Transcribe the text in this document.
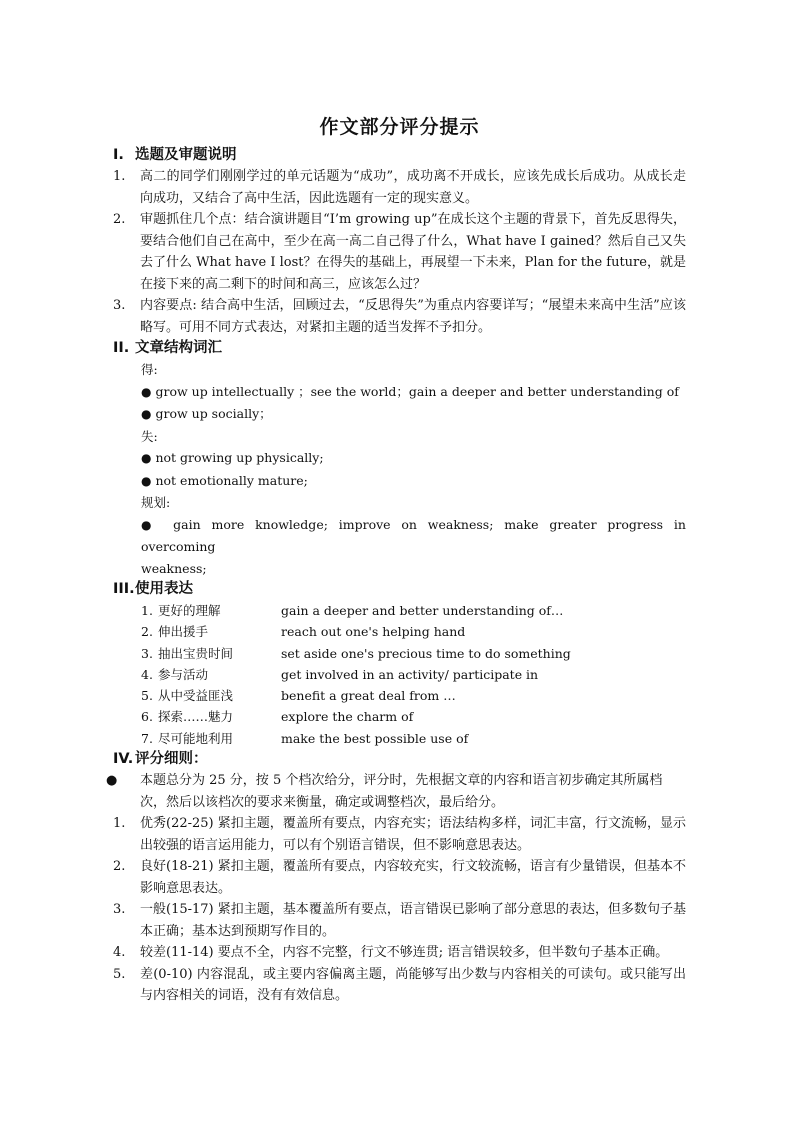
作文部分评分提示

I. 选题及审题说明

1. 高二的同学们刚刚学过的单元话题为“成功”，成功离不开成长，应该先成长后成功。从成长走向成功，又结合了高中生活，因此选题有一定的现实意义。

2. 审题抓住几个点：结合演讲题目“I’m growing up”在成长这个主题的背景下，首先反思得失，要结合他们自己在高中，至少在高一高二自己得了什么，What have I gained？然后自己又失去了什么 What have I lost？在得失的基础上，再展望一下未来，Plan for the future，就是在接下来的高二剩下的时间和高三，应该怎么过？

3. 内容要点: 结合高中生活，回顾过去，“反思得失”为重点内容要详写；“展望未来高中生活”应该略写。可用不同方式表达，对紧扣主题的适当发挥不予扣分。

II. 文章结构词汇

得:

● grow up intellectually ；see the world；gain a deeper and better understanding of

● grow up socially；

失:

● not growing up physically;

● not emotionally mature;

规划:

● gain more knowledge; improve on weakness; make greater progress in overcoming

weakness;

III.使用表达

1. 更好的理解	gain a deeper and better understanding of…
2. 伸出援手	reach out one's helping hand
3. 抽出宝贵时间	set aside one's precious time to do something
4. 参与活动	get involved in an activity/ participate in
5. 从中受益匪浅	benefit a great deal from …
6. 探索……魅力	explore the charm of
7. 尽可能地利用	make the best possible use of

IV. 评分细则：

● 本题总分为 25 分，按 5 个档次给分，评分时，先根据文章的内容和语言初步确定其所属档次，然后以该档次的要求来衡量，确定或调整档次，最后给分。

1. 优秀(22-25) 紧扣主题，覆盖所有要点，内容充实；语法结构多样，词汇丰富，行文流畅，显示出较强的语言运用能力，可以有个别语言错误，但不影响意思表达。

2. 良好(18-21) 紧扣主题，覆盖所有要点，内容较充实，行文较流畅，语言有少量错误，但基本不影响意思表达。

3. 一般(15-17) 紧扣主题，基本覆盖所有要点，语言错误已影响了部分意思的表达，但多数句子基本正确；基本达到预期写作目的。

4. 较差(11-14) 要点不全，内容不完整，行文不够连贯; 语言错误较多，但半数句子基本正确。

5. 差(0-10) 内容混乱，或主要内容偏离主题，尚能够写出少数与内容相关的可读句。或只能写出与内容相关的词语，没有有效信息。
